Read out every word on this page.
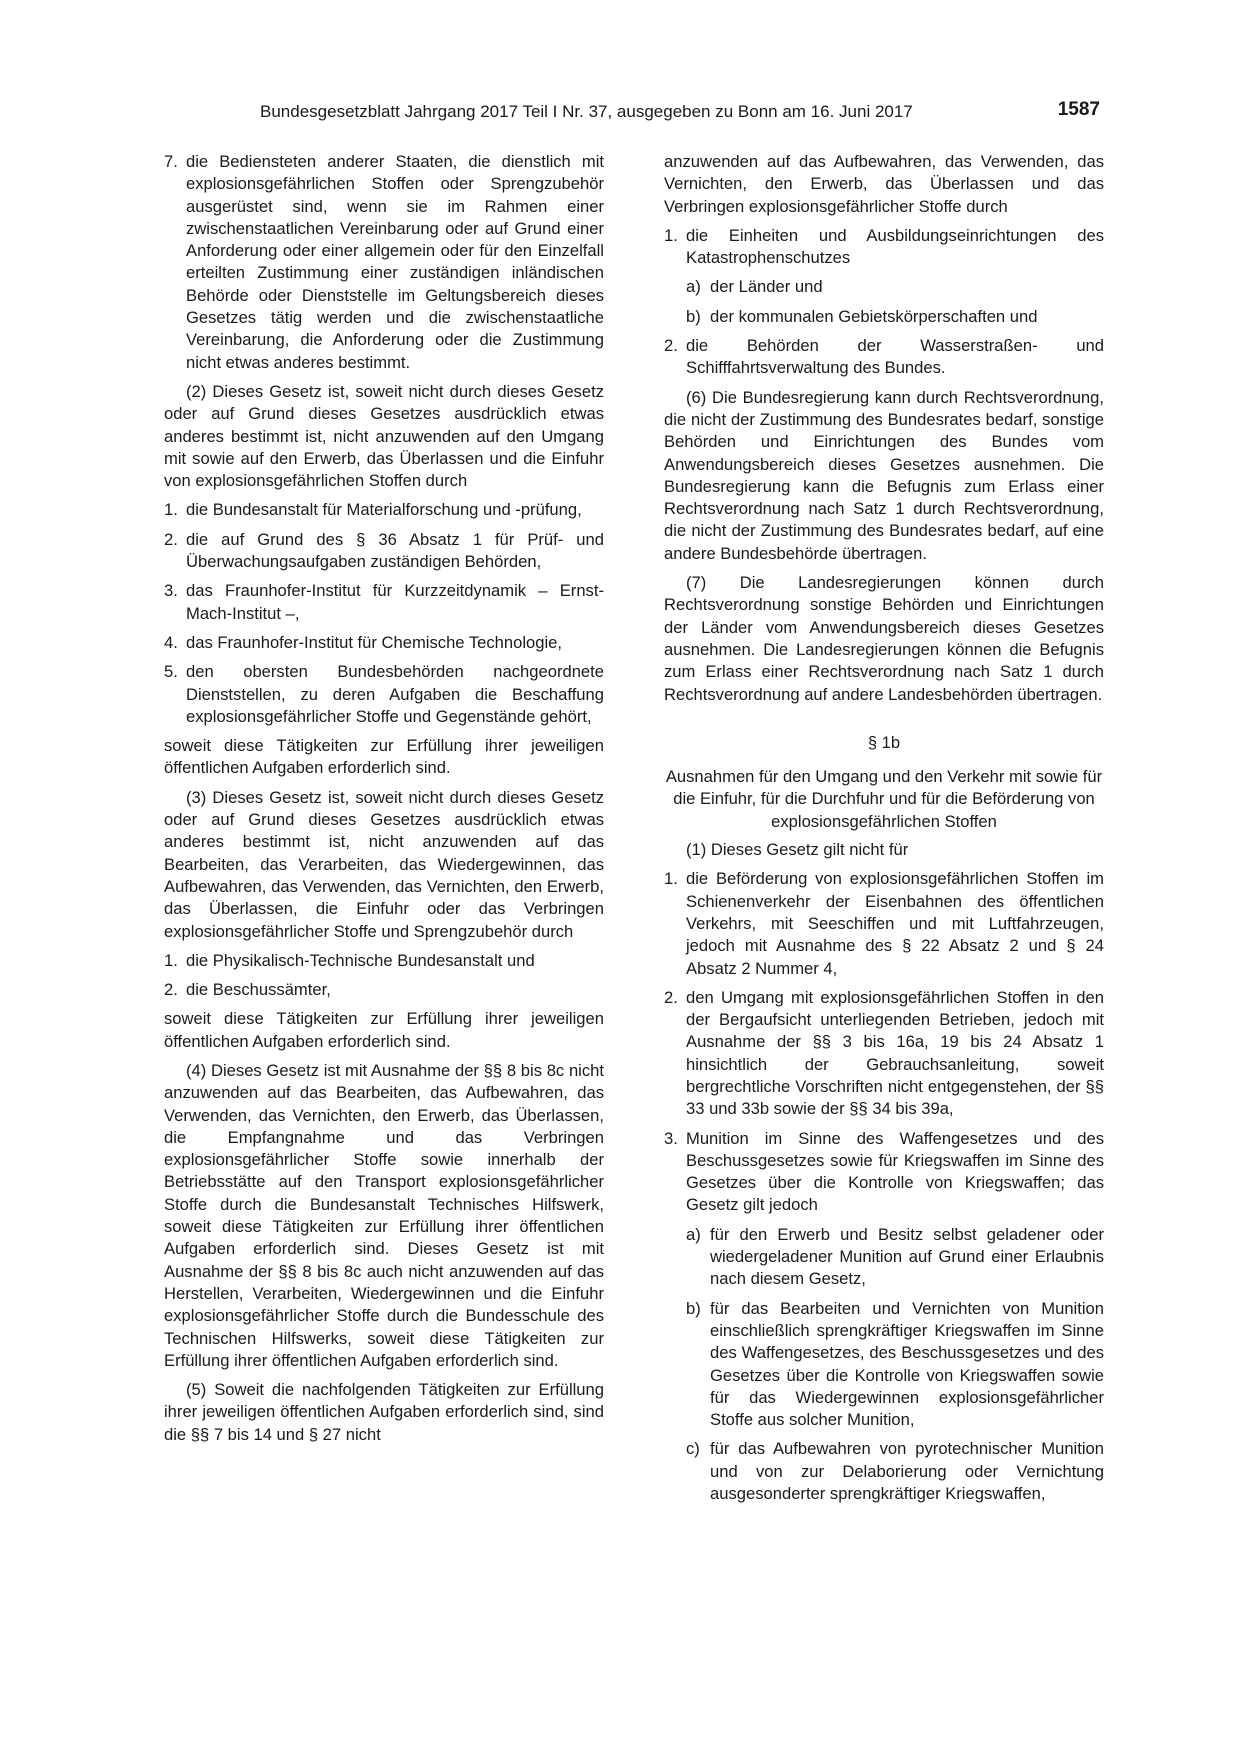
Bundesgesetzblatt Jahrgang 2017 Teil I Nr. 37, ausgegeben zu Bonn am 16. Juni 2017	1587
7. die Bediensteten anderer Staaten, die dienstlich mit explosionsgefährlichen Stoffen oder Sprengzubehör ausgerüstet sind, wenn sie im Rahmen einer zwischenstaatlichen Vereinbarung oder auf Grund einer Anforderung oder einer allgemein oder für den Einzelfall erteilten Zustimmung einer zuständigen inländischen Behörde oder Dienststelle im Geltungsbereich dieses Gesetzes tätig werden und die zwischenstaatliche Vereinbarung, die Anforderung oder die Zustimmung nicht etwas anderes bestimmt.

(2) Dieses Gesetz ist, soweit nicht durch dieses Gesetz oder auf Grund dieses Gesetzes ausdrücklich etwas anderes bestimmt ist, nicht anzuwenden auf den Umgang mit sowie auf den Erwerb, das Überlassen und die Einfuhr von explosionsgefährlichen Stoffen durch

1. die Bundesanstalt für Materialforschung und -prüfung,
2. die auf Grund des § 36 Absatz 1 für Prüf- und Überwachungsaufgaben zuständigen Behörden,
3. das Fraunhofer-Institut für Kurzzeitdynamik – Ernst-Mach-Institut –,
4. das Fraunhofer-Institut für Chemische Technologie,
5. den obersten Bundesbehörden nachgeordnete Dienststellen, zu deren Aufgaben die Beschaffung explosionsgefährlicher Stoffe und Gegenstände gehört,

soweit diese Tätigkeiten zur Erfüllung ihrer jeweiligen öffentlichen Aufgaben erforderlich sind.

(3) Dieses Gesetz ist, soweit nicht durch dieses Gesetz oder auf Grund dieses Gesetzes ausdrücklich etwas anderes bestimmt ist, nicht anzuwenden auf das Bearbeiten, das Verarbeiten, das Wiedergewinnen, das Aufbewahren, das Verwenden, das Vernichten, den Erwerb, das Überlassen, die Einfuhr oder das Verbringen explosionsgefährlicher Stoffe und Sprengzubehör durch

1. die Physikalisch-Technische Bundesanstalt und
2. die Beschussämter,

soweit diese Tätigkeiten zur Erfüllung ihrer jeweiligen öffentlichen Aufgaben erforderlich sind.

(4) Dieses Gesetz ist mit Ausnahme der §§ 8 bis 8c nicht anzuwenden auf das Bearbeiten, das Aufbewahren, das Verwenden, das Vernichten, den Erwerb, das Überlassen, die Empfangnahme und das Verbringen explosionsgefährlicher Stoffe sowie innerhalb der Betriebsstätte auf den Transport explosionsgefährlicher Stoffe durch die Bundesanstalt Technisches Hilfswerk, soweit diese Tätigkeiten zur Erfüllung ihrer öffentlichen Aufgaben erforderlich sind. Dieses Gesetz ist mit Ausnahme der §§ 8 bis 8c auch nicht anzuwenden auf das Herstellen, Verarbeiten, Wiedergewinnen und die Einfuhr explosionsgefährlicher Stoffe durch die Bundesschule des Technischen Hilfswerks, soweit diese Tätigkeiten zur Erfüllung ihrer öffentlichen Aufgaben erforderlich sind.

(5) Soweit die nachfolgenden Tätigkeiten zur Erfüllung ihrer jeweiligen öffentlichen Aufgaben erforderlich sind, sind die §§ 7 bis 14 und § 27 nicht

anzuwenden auf das Aufbewahren, das Verwenden, das Vernichten, den Erwerb, das Überlassen und das Verbringen explosionsgefährlicher Stoffe durch

1. die Einheiten und Ausbildungseinrichtungen des Katastrophenschutzes
a) der Länder und
b) der kommunalen Gebietskörperschaften und
2. die Behörden der Wasserstraßen- und Schifffahrtsverwaltung des Bundes.

(6) Die Bundesregierung kann durch Rechtsverordnung, die nicht der Zustimmung des Bundesrates bedarf, sonstige Behörden und Einrichtungen des Bundes vom Anwendungsbereich dieses Gesetzes ausnehmen. Die Bundesregierung kann die Befugnis zum Erlass einer Rechtsverordnung nach Satz 1 durch Rechtsverordnung, die nicht der Zustimmung des Bundesrates bedarf, auf eine andere Bundesbehörde übertragen.

(7) Die Landesregierungen können durch Rechtsverordnung sonstige Behörden und Einrichtungen der Länder vom Anwendungsbereich dieses Gesetzes ausnehmen. Die Landesregierungen können die Befugnis zum Erlass einer Rechtsverordnung nach Satz 1 durch Rechtsverordnung auf andere Landesbehörden übertragen.

§ 1b
Ausnahmen für den Umgang und den Verkehr mit sowie für die Einfuhr, für die Durchfuhr und für die Beförderung von explosionsgefährlichen Stoffen

(1) Dieses Gesetz gilt nicht für

1. die Beförderung von explosionsgefährlichen Stoffen im Schienenverkehr der Eisenbahnen des öffentlichen Verkehrs, mit Seeschiffen und mit Luftfahrzeugen, jedoch mit Ausnahme des § 22 Absatz 2 und § 24 Absatz 2 Nummer 4,
2. den Umgang mit explosionsgefährlichen Stoffen in den der Bergaufsicht unterliegenden Betrieben, jedoch mit Ausnahme der §§ 3 bis 16a, 19 bis 24 Absatz 1 hinsichtlich der Gebrauchsanleitung, soweit bergrechtliche Vorschriften nicht entgegenstehen, der §§ 33 und 33b sowie der §§ 34 bis 39a,
3. Munition im Sinne des Waffengesetzes und des Beschussgesetzes sowie für Kriegswaffen im Sinne des Gesetzes über die Kontrolle von Kriegswaffen; das Gesetz gilt jedoch
a) für den Erwerb und Besitz selbst geladener oder wiedergeladener Munition auf Grund einer Erlaubnis nach diesem Gesetz,
b) für das Bearbeiten und Vernichten von Munition einschließlich sprengkräftiger Kriegswaffen im Sinne des Waffengesetzes, des Beschussgesetzes und des Gesetzes über die Kontrolle von Kriegswaffen sowie für das Wiedergewinnen explosionsgefährlicher Stoffe aus solcher Munition,
c) für das Aufbewahren von pyrotechnischer Munition und von zur Delaborierung oder Vernichtung ausgesonderter sprengkräftiger Kriegswaffen,
